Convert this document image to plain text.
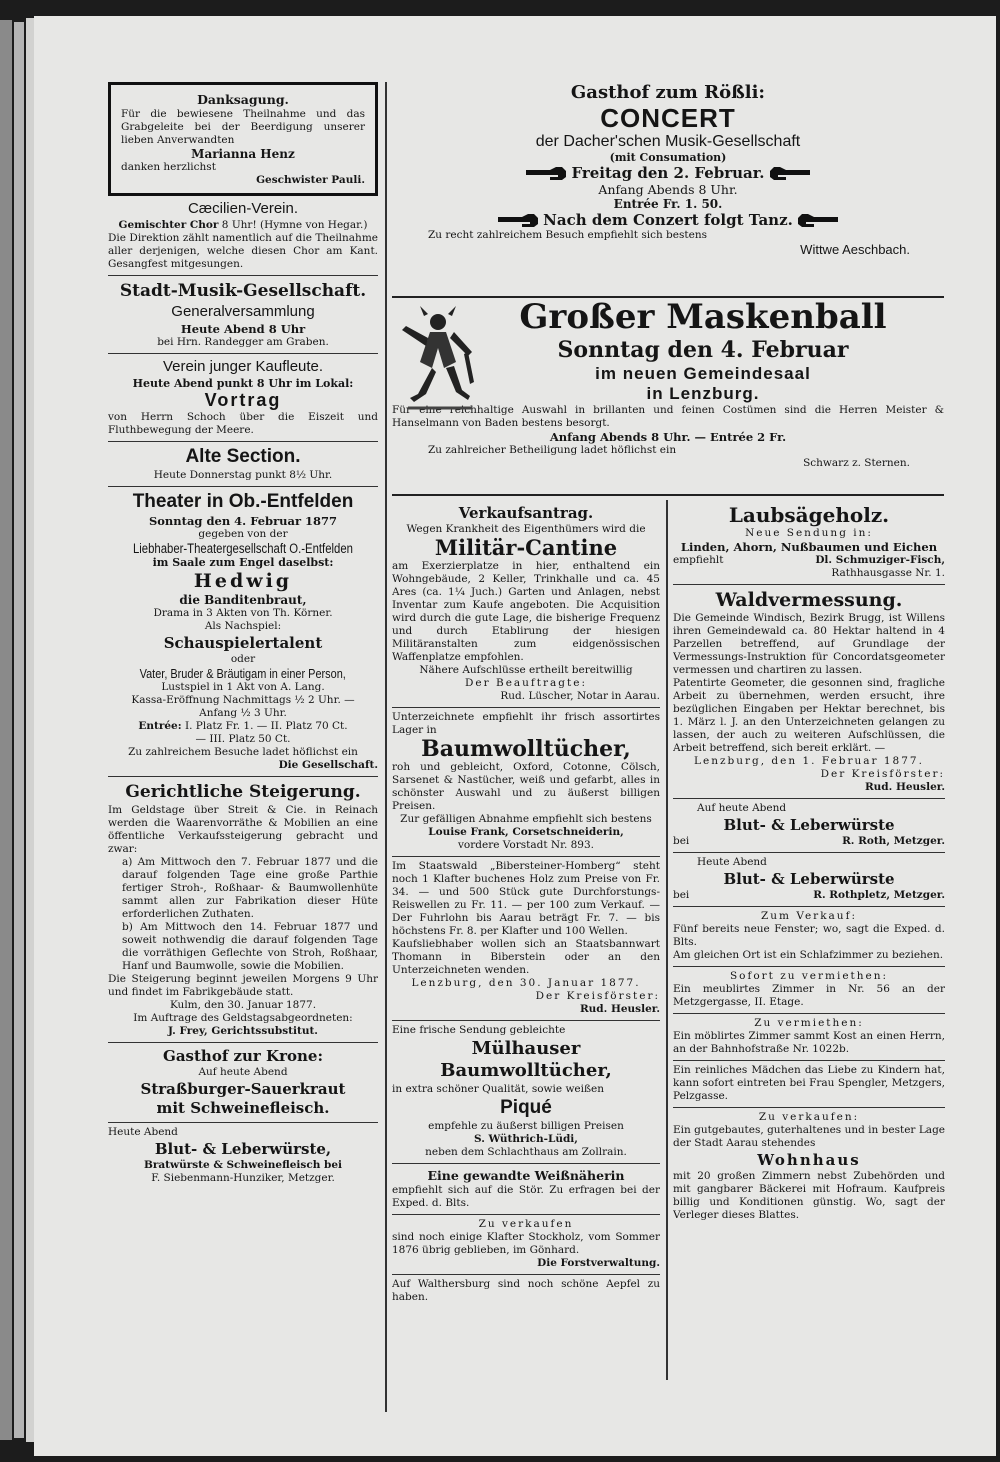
Danksagung.

Für die bewiesene Theilnahme und das Grabgeleite bei der Beerdigung unserer lieben Anverwandten

Marianna Henz

danken herzlichst

Geschwister Pauli.

Cæcilien-Verein.

Gemischter Chor 8 Uhr! (Hymne von Hegar.)

Die Direktion zählt namentlich auf die Theilnahme aller derjenigen, welche diesen Chor am Kant. Gesangfest mitgesungen.

Stadt-Musik-Gesellschaft.

Generalversammlung

Heute Abend 8 Uhr

bei Hrn. Randegger am Graben.

Verein junger Kaufleute.

Heute Abend punkt 8 Uhr im Lokal:

Vortrag

von Herrn Schoch über die Eiszeit und Fluthbewegung der Meere.

Alte Section.

Heute Donnerstag punkt 8½ Uhr.

Theater in Ob.-Entfelden

Sonntag den 4. Februar 1877

gegeben von der

Liebhaber-Theatergesellschaft O.-Entfelden

im Saale zum Engel daselbst:

Hedwig

die Banditenbraut,

Drama in 3 Akten von Th. Körner.

Als Nachspiel:

Schauspielertalent

oder

Vater, Bruder & Bräutigam in einer Person,

Lustspiel in 1 Akt von A. Lang.

Kassa-Eröffnung Nachmittags ½ 2 Uhr. —

Anfang ½ 3 Uhr.

Entrée: I. Platz Fr. 1. — II. Platz 70 Ct.

— III. Platz 50 Ct.

Zu zahlreichem Besuche ladet höflichst ein

Die Gesellschaft.

Gerichtliche Steigerung.

Im Geldstage über Streit & Cie. in Reinach werden die Waarenvorräthe & Mobilien an eine öffentliche Verkaufssteigerung gebracht und zwar:

a) Am Mittwoch den 7. Februar 1877 und die darauf folgenden Tage eine große Parthie fertiger Stroh-, Roßhaar- & Baumwollenhüte sammt allen zur Fabrikation dieser Hüte erforderlichen Zuthaten.

b) Am Mittwoch den 14. Februar 1877 und soweit nothwendig die darauf folgenden Tage die vorräthigen Geflechte von Stroh, Roßhaar, Hanf und Baumwolle, sowie die Mobilien.

Die Steigerung beginnt jeweilen Morgens 9 Uhr und findet im Fabrikgebäude statt.

Kulm, den 30. Januar 1877.

Im Auftrage des Geldstagsabgeordneten:

J. Frey, Gerichtssubstitut.

Gasthof zur Krone:

Auf heute Abend

Straßburger-Sauerkraut

mit Schweinefleisch.

Heute Abend

Blut- & Leberwürste,

Bratwürste & Schweinefleisch bei

F. Siebenmann-Hunziker, Metzger.

Gasthof zum Rößli:

CONCERT

der Dacher'schen Musik-Gesellschaft

(mit Consumation)

Freitag den 2. Februar.

Anfang Abends 8 Uhr.

Entrée Fr. 1. 50.

Nach dem Conzert folgt Tanz.

Zu recht zahlreichem Besuch empfiehlt sich bestens

Wittwe Aeschbach.

Großer Maskenball

Sonntag den 4. Februar

im neuen Gemeindesaal

in Lenzburg.

Für eine reichhaltige Auswahl in brillanten und feinen Costümen sind die Herren Meister & Hanselmann von Baden bestens besorgt.

Anfang Abends 8 Uhr. — Entrée 2 Fr.

Zu zahlreicher Betheiligung ladet höflichst ein

Schwarz z. Sternen.

Verkaufsantrag.

Wegen Krankheit des Eigenthümers wird die

Militär-Cantine

am Exerzierplatze in hier, enthaltend ein Wohngebäude, 2 Keller, Trinkhalle und ca. 45 Ares (ca. 1¼ Juch.) Garten und Anlagen, nebst Inventar zum Kaufe angeboten. Die Acquisition wird durch die gute Lage, die bisherige Frequenz und durch Etablirung der hiesigen Militäranstalten zum eidgenössischen Waffenplatze empfohlen.

Nähere Aufschlüsse ertheilt bereitwillig

Der Beauftragte:

Rud. Lüscher, Notar in Aarau.

Unterzeichnete empfiehlt ihr frisch assortirtes Lager in

Baumwolltücher,

roh und gebleicht, Oxford, Cotonne, Cölsch, Sarsenet & Nastücher, weiß und gefarbt, alles in schönster Auswahl und zu äußerst billigen Preisen.

Zur gefälligen Abnahme empfiehlt sich bestens

Louise Frank, Corsetschneiderin,

vordere Vorstadt Nr. 893.

Im Staatswald „Bibersteiner-Homberg“ steht noch 1 Klafter buchenes Holz zum Preise von Fr. 34. — und 500 Stück gute Durchforstungs-Reiswellen zu Fr. 11. — per 100 zum Verkauf. — Der Fuhrlohn bis Aarau beträgt Fr. 7. — bis höchstens Fr. 8. per Klafter und 100 Wellen.

Kaufsliebhaber wollen sich an Staatsbannwart Thomann in Biberstein oder an den Unterzeichneten wenden.

Lenzburg, den 30. Januar 1877.

Der Kreisförster:

Rud. Heusler.

Eine frische Sendung gebleichte

Mülhauser Baumwolltücher,

in extra schöner Qualität, sowie weißen

Piqué

empfehle zu äußerst billigen Preisen

S. Wüthrich-Lüdi,

neben dem Schlachthaus am Zollrain.

Eine gewandte Weißnäherin

empfiehlt sich auf die Stör. Zu erfragen bei der Exped. d. Blts.

Zu verkaufen

sind noch einige Klafter Stockholz, vom Sommer 1876 übrig geblieben, im Gönhard.

Die Forstverwaltung.

Auf Walthersburg sind noch schöne Aepfel zu haben.

Laubsägeholz.

Neue Sendung in:

Linden, Ahorn, Nußbaumen und Eichen

empfiehlt	Dl. Schmuziger-Fisch,

Rathhausgasse Nr. 1.

Waldvermessung.

Die Gemeinde Windisch, Bezirk Brugg, ist Willens ihren Gemeindewald ca. 80 Hektar haltend in 4 Parzellen betreffend, auf Grundlage der Vermessungs-Instruktion für Concordatsgeometer vermessen und chartiren zu lassen.

Patentirte Geometer, die gesonnen sind, fragliche Arbeit zu übernehmen, werden ersucht, ihre bezüglichen Eingaben per Hektar berechnet, bis 1. März l. J. an den Unterzeichneten gelangen zu lassen, der auch zu weiteren Aufschlüssen, die Arbeit betreffend, sich bereit erklärt. —

Lenzburg, den 1. Februar 1877.

Der Kreisförster:

Rud. Heusler.

Auf heute Abend

Blut- & Leberwürste

bei	R. Roth, Metzger.

Heute Abend

Blut- & Leberwürste

bei	R. Rothpletz, Metzger.

Zum Verkauf:

Fünf bereits neue Fenster; wo, sagt die Exped. d. Blts.

Am gleichen Ort ist ein Schlafzimmer zu beziehen.

Sofort zu vermiethen:

Ein meublirtes Zimmer in Nr. 56 an der Metzgergasse, II. Etage.

Zu vermiethen:

Ein möblirtes Zimmer sammt Kost an einen Herrn, an der Bahnhofstraße Nr. 1022b.

Ein reinliches Mädchen das Liebe zu Kindern hat, kann sofort eintreten bei Frau Spengler, Metzgers, Pelzgasse.

Zu verkaufen:

Ein gutgebautes, guterhaltenes und in bester Lage der Stadt Aarau stehendes

Wohnhaus

mit 20 großen Zimmern nebst Zubehörden und mit gangbarer Bäckerei mit Hofraum. Kaufpreis billig und Konditionen günstig. Wo, sagt der Verleger dieses Blattes.
